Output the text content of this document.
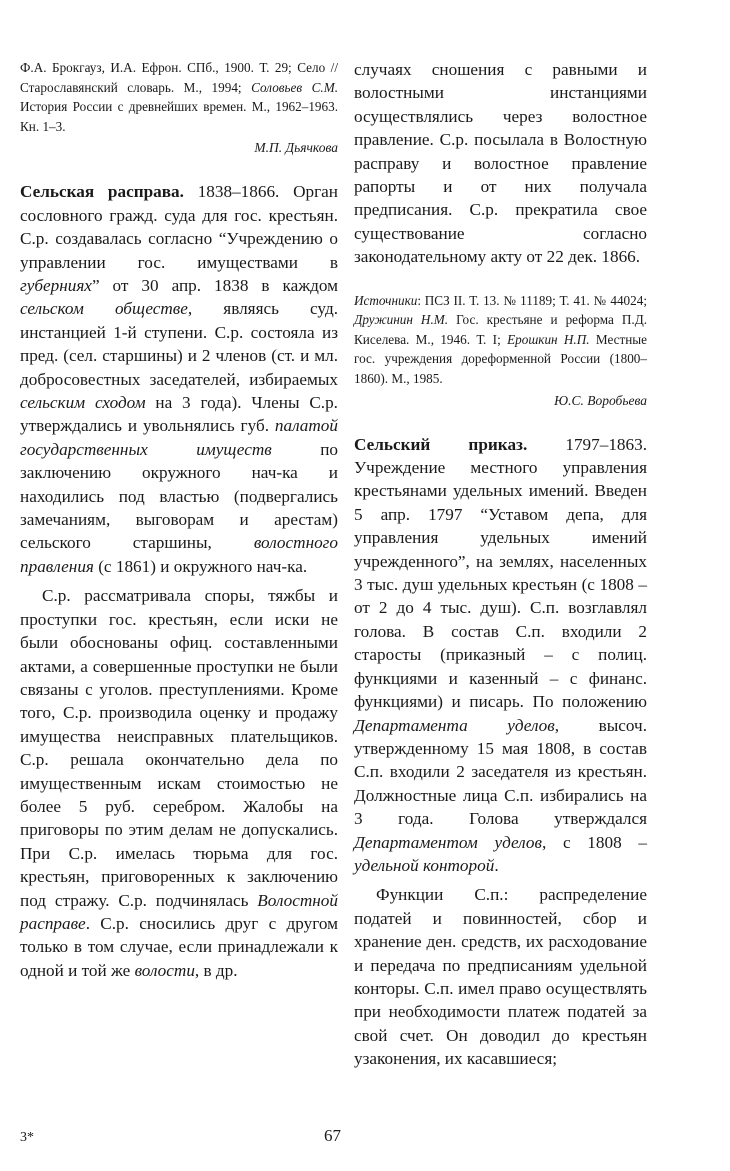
Ф.А. Брокгауз, И.А. Ефрон. СПб., 1900. Т. 29; Село // Старославянский словарь. М., 1994; Соловьев С.М. История России с древнейших времен. М., 1962–1963. Кн. 1–3.

М.П. Дьячкова

Сельская расправа. 1838–1866. Орган сословного гражд. суда для гос. крестьян. С.р. создавалась согласно “Учреждению о управлении гос. имуществами в губерниях” от 30 апр. 1838 в каждом сельском обществе, являясь суд. инстанцией 1-й ступени. С.р. состояла из пред. (сел. старшины) и 2 членов (ст. и мл. добросовестных заседателей, избираемых сельским сходом на 3 года). Члены С.р. утверждались и увольнялись губ. палатой государственных имуществ по заключению окружного нач-ка и находились под властью (подвергались замечаниям, выговорам и арестам) сельского старшины, волостного правления (с 1861) и окружного нач-ка.

С.р. рассматривала споры, тяжбы и проступки гос. крестьян, если иски не были обоснованы офиц. составленными актами, а совершенные проступки не были связаны с уголов. преступлениями. Кроме того, С.р. производила оценку и продажу имущества неисправных плательщиков. С.р. решала окончательно дела по имущественным искам стоимостью не более 5 руб. серебром. Жалобы на приговоры по этим делам не допускались. При С.р. имелась тюрьма для гос. крестьян, приговоренных к заключению под стражу. С.р. подчинялась Волостной расправе. С.р. сносились друг с другом только в том случае, если принадлежали к одной и той же волости, в др.

случаях сношения с равными и волостными инстанциями осуществлялись через волостное правление. С.р. посылала в Волостную расправу и волостное правление рапорты и от них получала предписания. С.р. прекратила свое существование согласно законодательному акту от 22 дек. 1866.

Источники: ПСЗ II. Т. 13. № 11189; Т. 41. № 44024; Дружинин Н.М. Гос. крестьяне и реформа П.Д. Киселева. М., 1946. Т. I; Ерошкин Н.П. Местные гос. учреждения дореформенной России (1800–1860). М., 1985.

Ю.С. Воробьева

Сельский приказ. 1797–1863. Учреждение местного управления крестьянами удельных имений. Введен 5 апр. 1797 “Уставом депа, для управления удельных имений учрежденного”, на землях, населенных 3 тыс. душ удельных крестьян (с 1808 – от 2 до 4 тыс. душ). С.п. возглавлял голова. В состав С.п. входили 2 старосты (приказный – с полиц. функциями и казенный – с финанс. функциями) и писарь. По положению Департамента уделов, высоч. утвержденному 15 мая 1808, в состав С.п. входили 2 заседателя из крестьян. Должностные лица С.п. избирались на 3 года. Голова утверждался Департаментом уделов, с 1808 – удельной конторой.

Функции С.п.: распределение податей и повинностей, сбор и хранение ден. средств, их расходование и передача по предписаниям удельной конторы. С.п. имел право осуществлять при необходимости платеж податей за свой счет. Он доводил до крестьян узаконения, их касавшиеся;

3*	67
